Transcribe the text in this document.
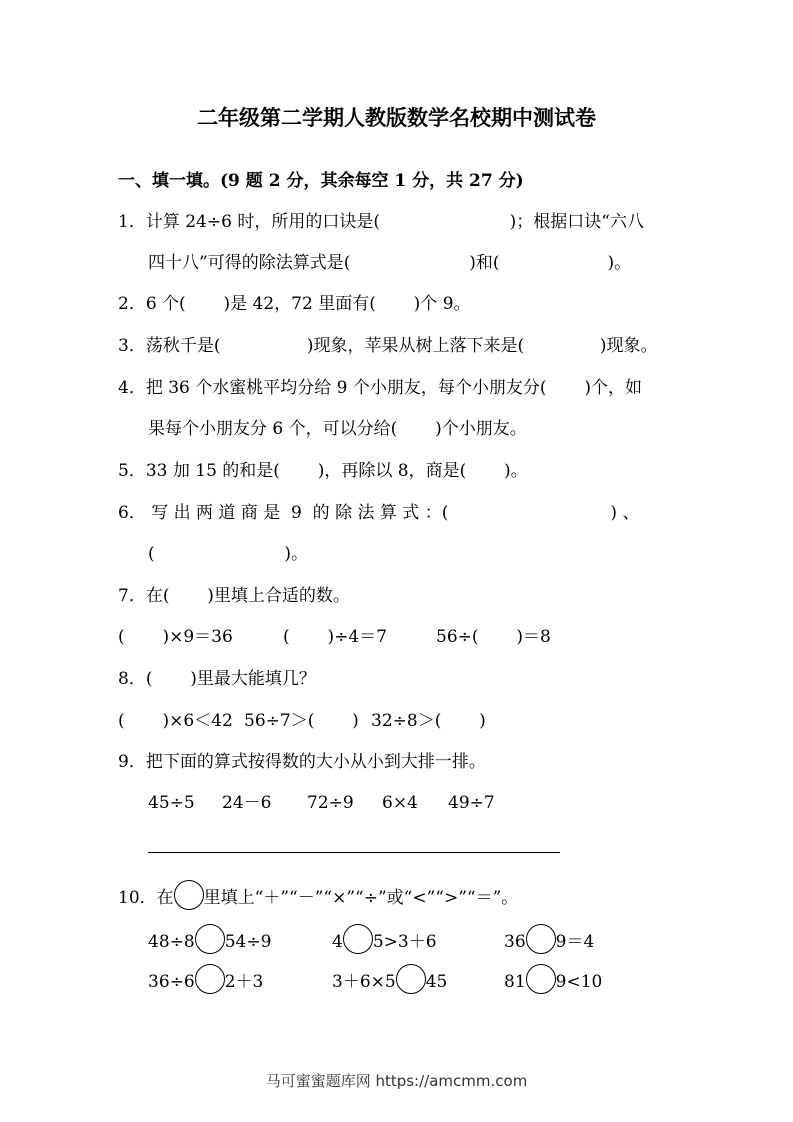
二年级第二学期人教版数学名校期中测试卷
一、填一填。(9 题 2 分，其余每空 1 分，共 27 分)
1．计算 24÷6 时，所用的口诀是(                        )；根据口诀“六八
四十八”可得的除法算式是(                      )和(                    )。
2．6 个(       )是 42，72 里面有(       )个 9。
3．荡秋千是(                )现象，苹果从树上落下来是(              )现象。
4．把 36 个水蜜桃平均分给 9 个小朋友，每个小朋友分(       )个，如
果每个小朋友分 6 个，可以分给(       )个小朋友。
5．33 加 15 的和是(       )，再除以 8，商是(       )。
6． 写 出 两 道 商 是  9  的 除 法 算 式 ：(                              ) 、
(                        )。
7．在(       )里填上合适的数。
(       )×9＝36	(       )÷4＝7	56÷(       )＝8
8．(       )里最大能填几？
(       )×6＜42 56÷7＞(       ) 32÷8＞(       )
9．把下面的算式按得数的大小从小到大排一排。
45÷5 24－6 72÷9 6×4 49÷7
10．在 里填上“＋”“－”“×”“÷”或“<”“>”“＝”。
48÷8 54÷9	4 5>3＋6	36 9＝4
36÷6 2＋3	3＋6×5 45	81 9<10
马可蜜蜜题库网 https://amcmm.com
